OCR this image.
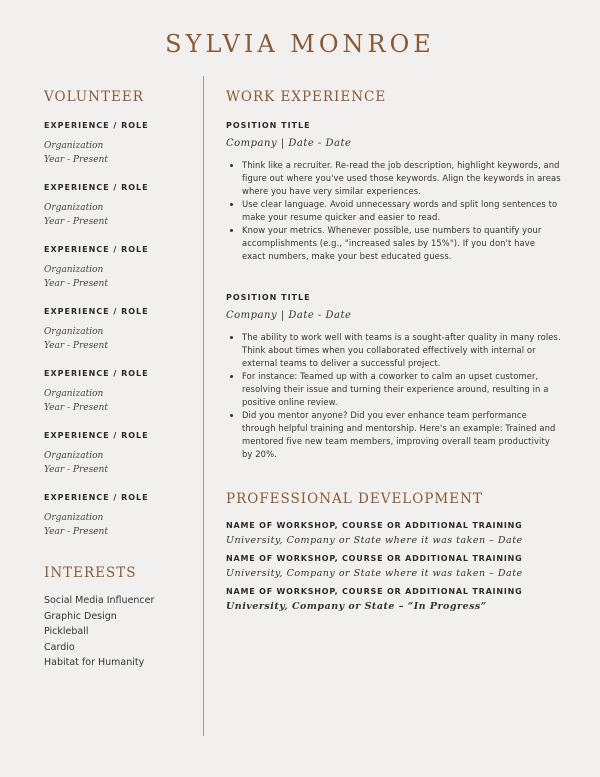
SYLVIA MONROE
VOLUNTEER
EXPERIENCE / ROLE
Organization
Year - Present
EXPERIENCE / ROLE
Organization
Year - Present
EXPERIENCE / ROLE
Organization
Year - Present
EXPERIENCE / ROLE
Organization
Year - Present
EXPERIENCE / ROLE
Organization
Year - Present
EXPERIENCE / ROLE
Organization
Year - Present
EXPERIENCE / ROLE
Organization
Year - Present
INTERESTS
Social Media Influencer
Graphic Design
Pickleball
Cardio
Habitat for Humanity
WORK EXPERIENCE
POSITION TITLE
Company | Date - Date
• Think like a recruiter. Re-read the job description, highlight keywords, and figure out where you've used those keywords. Align the keywords in areas where you have very similar experiences.
• Use clear language. Avoid unnecessary words and split long sentences to make your resume quicker and easier to read.
• Know your metrics. Whenever possible, use numbers to quantify your accomplishments (e.g., "increased sales by 15%"). If you don't have exact numbers, make your best educated guess.
POSITION TITLE
Company | Date - Date
• The ability to work well with teams is a sought-after quality in many roles. Think about times when you collaborated effectively with internal or external teams to deliver a successful project.
• For instance: Teamed up with a coworker to calm an upset customer, resolving their issue and turning their experience around, resulting in a positive online review.
• Did you mentor anyone? Did you ever enhance team performance through helpful training and mentorship. Here's an example: Trained and mentored five new team members, improving overall team productivity by 20%.
PROFESSIONAL DEVELOPMENT
NAME OF WORKSHOP, COURSE OR ADDITIONAL TRAINING
University, Company or State where it was taken – Date
NAME OF WORKSHOP, COURSE OR ADDITIONAL TRAINING
University, Company or State where it was taken – Date
NAME OF WORKSHOP, COURSE OR ADDITIONAL TRAINING
University, Company or State – “In Progress”
